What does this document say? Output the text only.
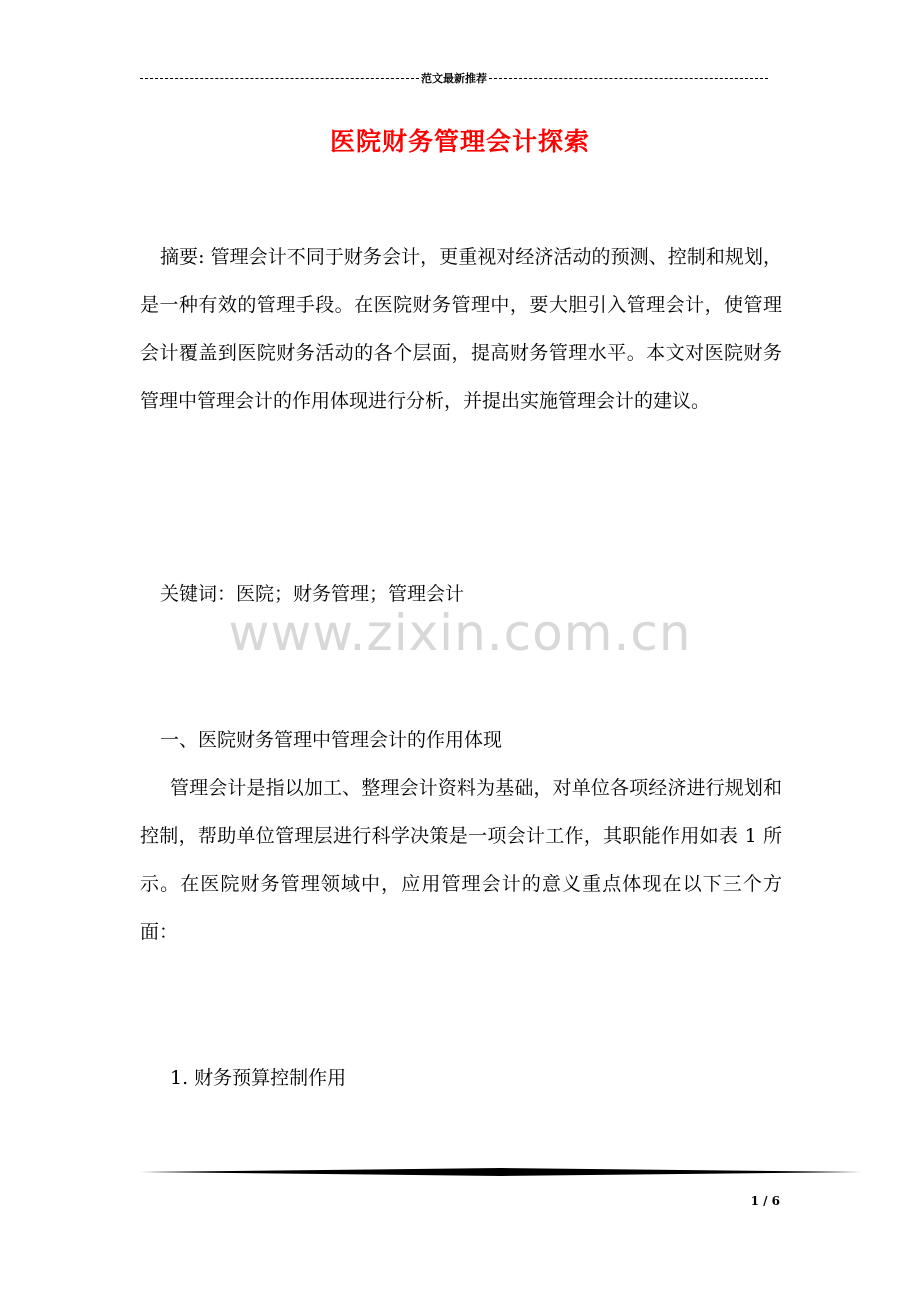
范文最新推荐
医院财务管理会计探索

摘要: 管理会计不同于财务会计，更重视对经济活动的预测、控制和规划，是一种有效的管理手段。在医院财务管理中，要大胆引入管理会计，使管理会计覆盖到医院财务活动的各个层面，提高财务管理水平。本文对医院财务管理中管理会计的作用体现进行分析，并提出实施管理会计的建议。

关键词：医院；财务管理；管理会计

www.zixin.com.cn

一、医院财务管理中管理会计的作用体现

管理会计是指以加工、整理会计资料为基础，对单位各项经济进行规划和控制，帮助单位管理层进行科学决策是一项会计工作，其职能作用如表 1 所示。在医院财务管理领域中，应用管理会计的意义重点体现在以下三个方面：

1. 财务预算控制作用

1 / 6
